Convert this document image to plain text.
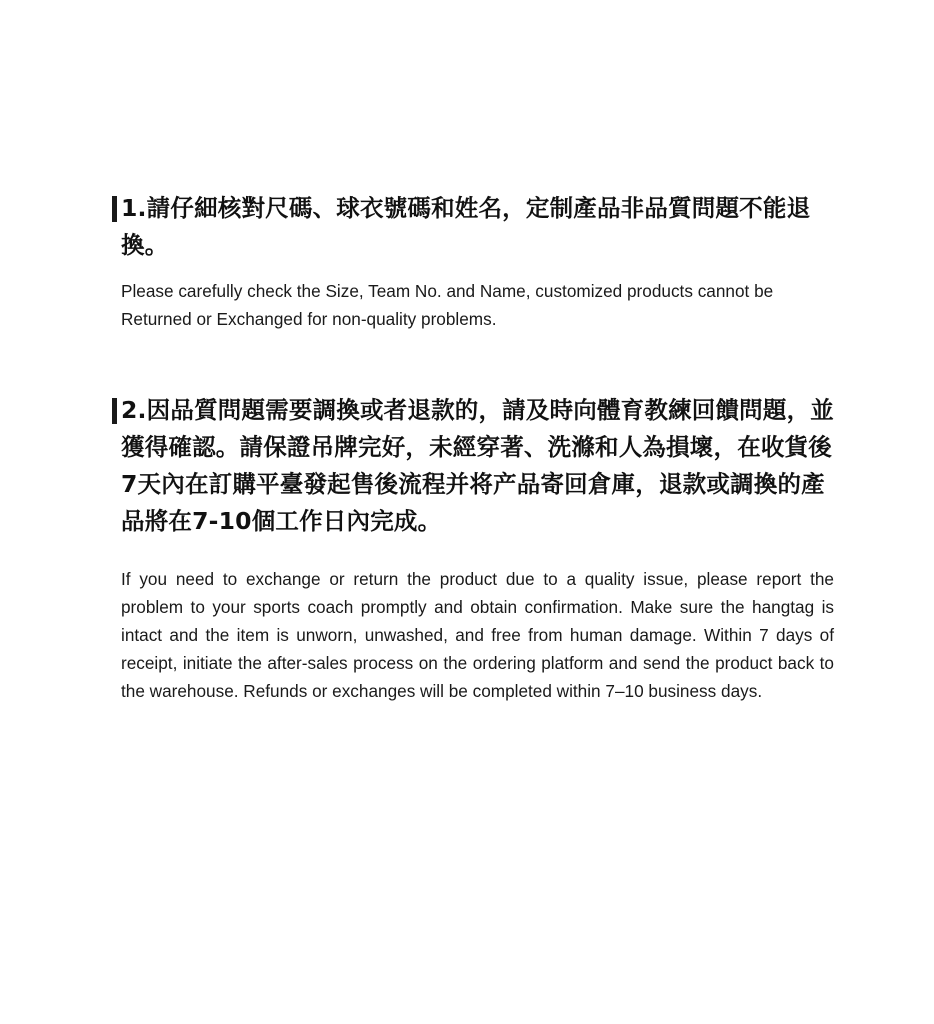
1.請仔細核對尺碼、球衣號碼和姓名，定制產品非品質問題不能退換。

Please carefully check the Size, Team No. and Name, customized products cannot be Returned or Exchanged for non-quality problems.

2.因品質問題需要調換或者退款的，請及時向體育教練回饋問題，並獲得確認。請保證吊牌完好，未經穿著、洗滌和人為損壞，在收貨後7天內在訂購平臺發起售後流程并将产品寄回倉庫，退款或調換的產品將在7-10個工作日內完成。

If you need to exchange or return the product due to a quality issue, please report the problem to your sports coach promptly and obtain confirmation. Make sure the hangtag is intact and the item is unworn, unwashed, and free from human damage. Within 7 days of receipt, initiate the after-sales process on the ordering platform and send the product back to the warehouse. Refunds or exchanges will be completed within 7–10 business days.
